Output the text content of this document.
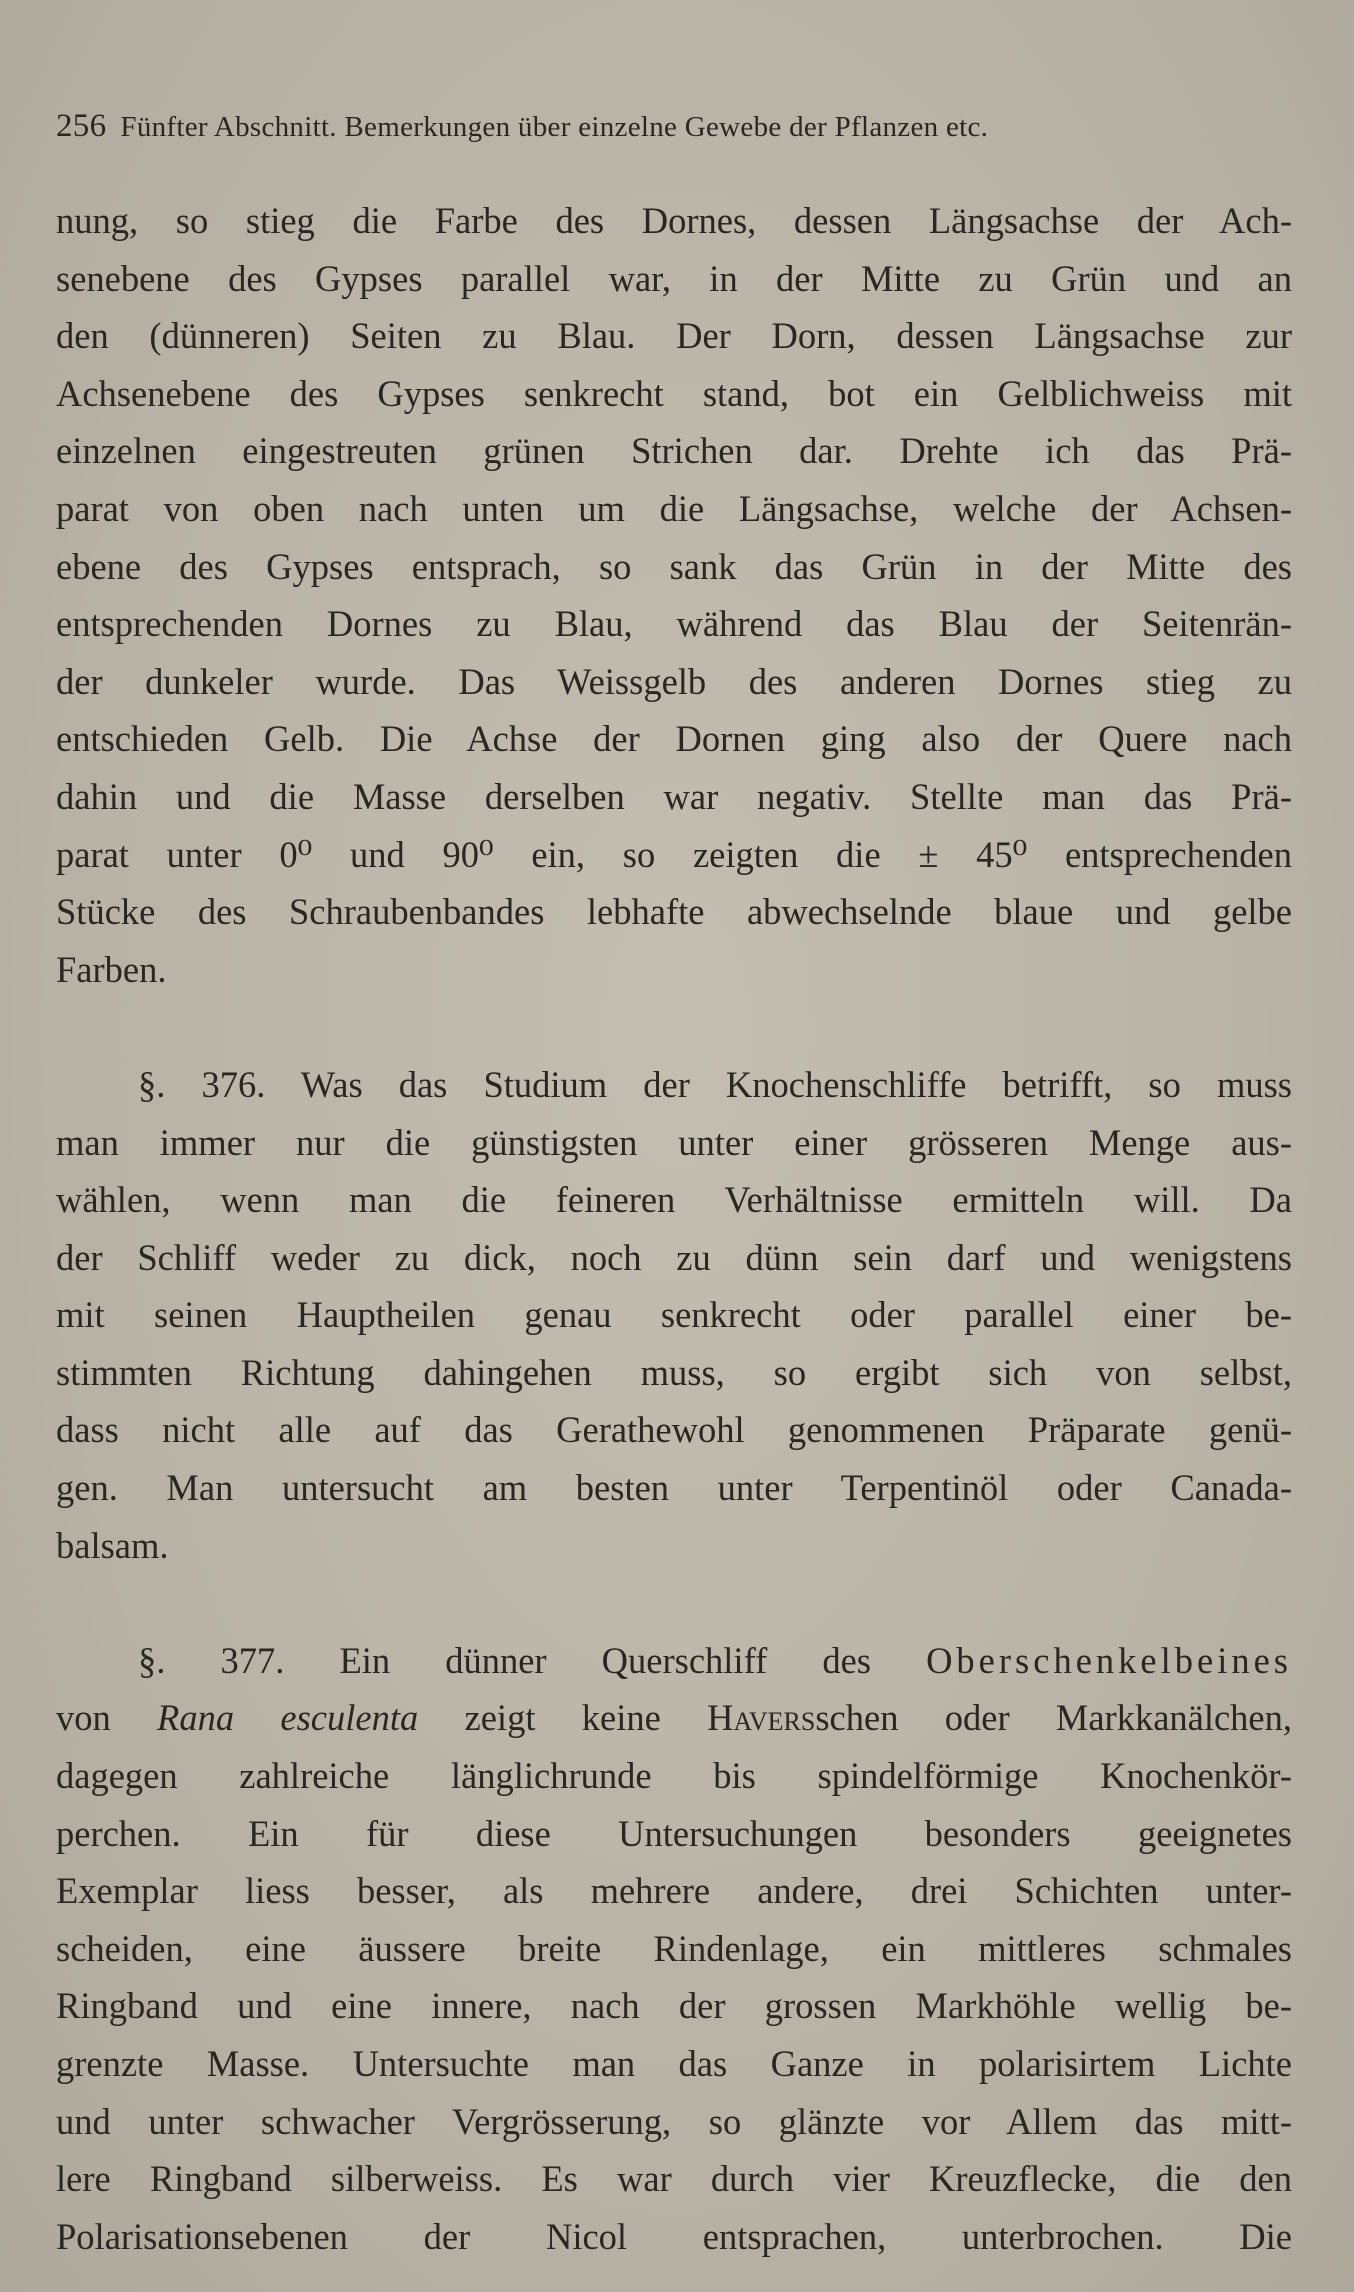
256 Fünfter Abschnitt. Bemerkungen über einzelne Gewebe der Pflanzen etc.
nung, so stieg die Farbe des Dornes, dessen Längsachse der Ach-
senebene des Gypses parallel war, in der Mitte zu Grün und an
den (dünneren) Seiten zu Blau. Der Dorn, dessen Längsachse zur
Achsenebene des Gypses senkrecht stand, bot ein Gelblichweiss mit
einzelnen eingestreuten grünen Strichen dar. Drehte ich das Prä-
parat von oben nach unten um die Längsachse, welche der Achsen-
ebene des Gypses entsprach, so sank das Grün in der Mitte des
entsprechenden Dornes zu Blau, während das Blau der Seitenrän-
der dunkeler wurde. Das Weissgelb des anderen Dornes stieg zu
entschieden Gelb. Die Achse der Dornen ging also der Quere nach
dahin und die Masse derselben war negativ. Stellte man das Prä-
parat unter 0⁰ und 90⁰ ein, so zeigten die ± 45⁰ entsprechenden
Stücke des Schraubenbandes lebhafte abwechselnde blaue und gelbe
Farben.
§. 376. Was das Studium der Knochenschliffe betrifft, so muss
man immer nur die günstigsten unter einer grösseren Menge aus-
wählen, wenn man die feineren Verhältnisse ermitteln will. Da
der Schliff weder zu dick, noch zu dünn sein darf und wenigstens
mit seinen Hauptheilen genau senkrecht oder parallel einer be-
stimmten Richtung dahingehen muss, so ergibt sich von selbst,
dass nicht alle auf das Gerathewohl genommenen Präparate genü-
gen. Man untersucht am besten unter Terpentinöl oder Canada-
balsam.
§. 377. Ein dünner Querschliff des Oberschenkelbeines
von Rana esculenta zeigt keine Haversschen oder Markkanälchen,
dagegen zahlreiche länglichrunde bis spindelförmige Knochenkör-
perchen. Ein für diese Untersuchungen besonders geeignetes
Exemplar liess besser, als mehrere andere, drei Schichten unter-
scheiden, eine äussere breite Rindenlage, ein mittleres schmales
Ringband und eine innere, nach der grossen Markhöhle wellig be-
grenzte Masse. Untersuchte man das Ganze in polarisirtem Lichte
und unter schwacher Vergrösserung, so glänzte vor Allem das mitt-
lere Ringband silberweiss. Es war durch vier Kreuzflecke, die den
Polarisationsebenen der Nicol entsprachen, unterbrochen. Die
